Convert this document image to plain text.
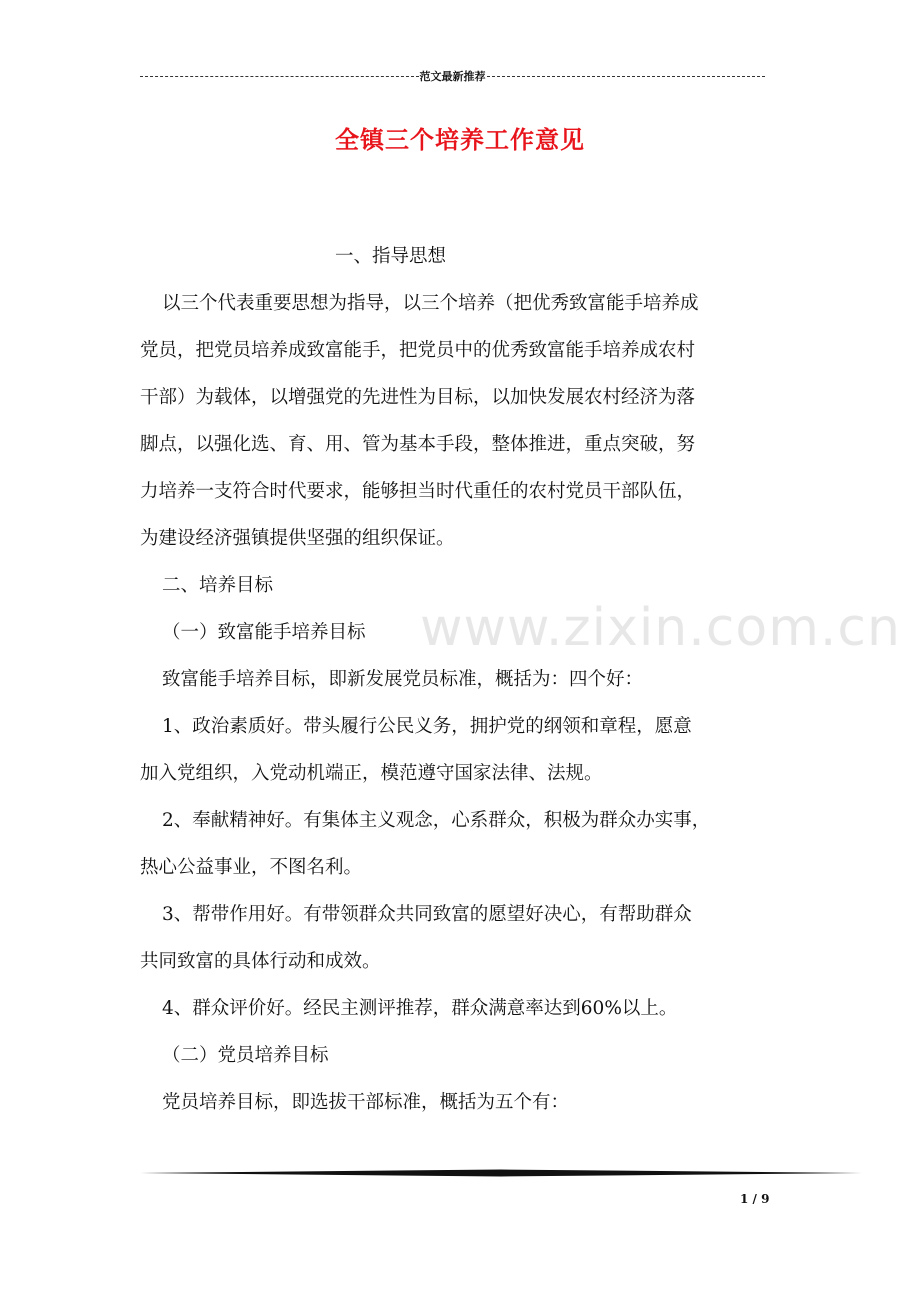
范文最新推荐
全镇三个培养工作意见
www.zixin.com.cn
一、指导思想
以三个代表重要思想为指导，以三个培养（把优秀致富能手培养成
党员，把党员培养成致富能手，把党员中的优秀致富能手培养成农村
干部）为载体，以增强党的先进性为目标，以加快发展农村经济为落
脚点，以强化选、育、用、管为基本手段，整体推进，重点突破，努
力培养一支符合时代要求，能够担当时代重任的农村党员干部队伍，
为建设经济强镇提供坚强的组织保证。
二、培养目标
（一）致富能手培养目标
致富能手培养目标，即新发展党员标准，概括为：四个好：
1、政治素质好。带头履行公民义务，拥护党的纲领和章程，愿意
加入党组织，入党动机端正，模范遵守国家法律、法规。
2、奉献精神好。有集体主义观念，心系群众，积极为群众办实事，
热心公益事业，不图名利。
3、帮带作用好。有带领群众共同致富的愿望好决心，有帮助群众
共同致富的具体行动和成效。
4、群众评价好。经民主测评推荐，群众满意率达到60%以上。
（二）党员培养目标
党员培养目标，即选拔干部标准，概括为五个有：
1 / 9
